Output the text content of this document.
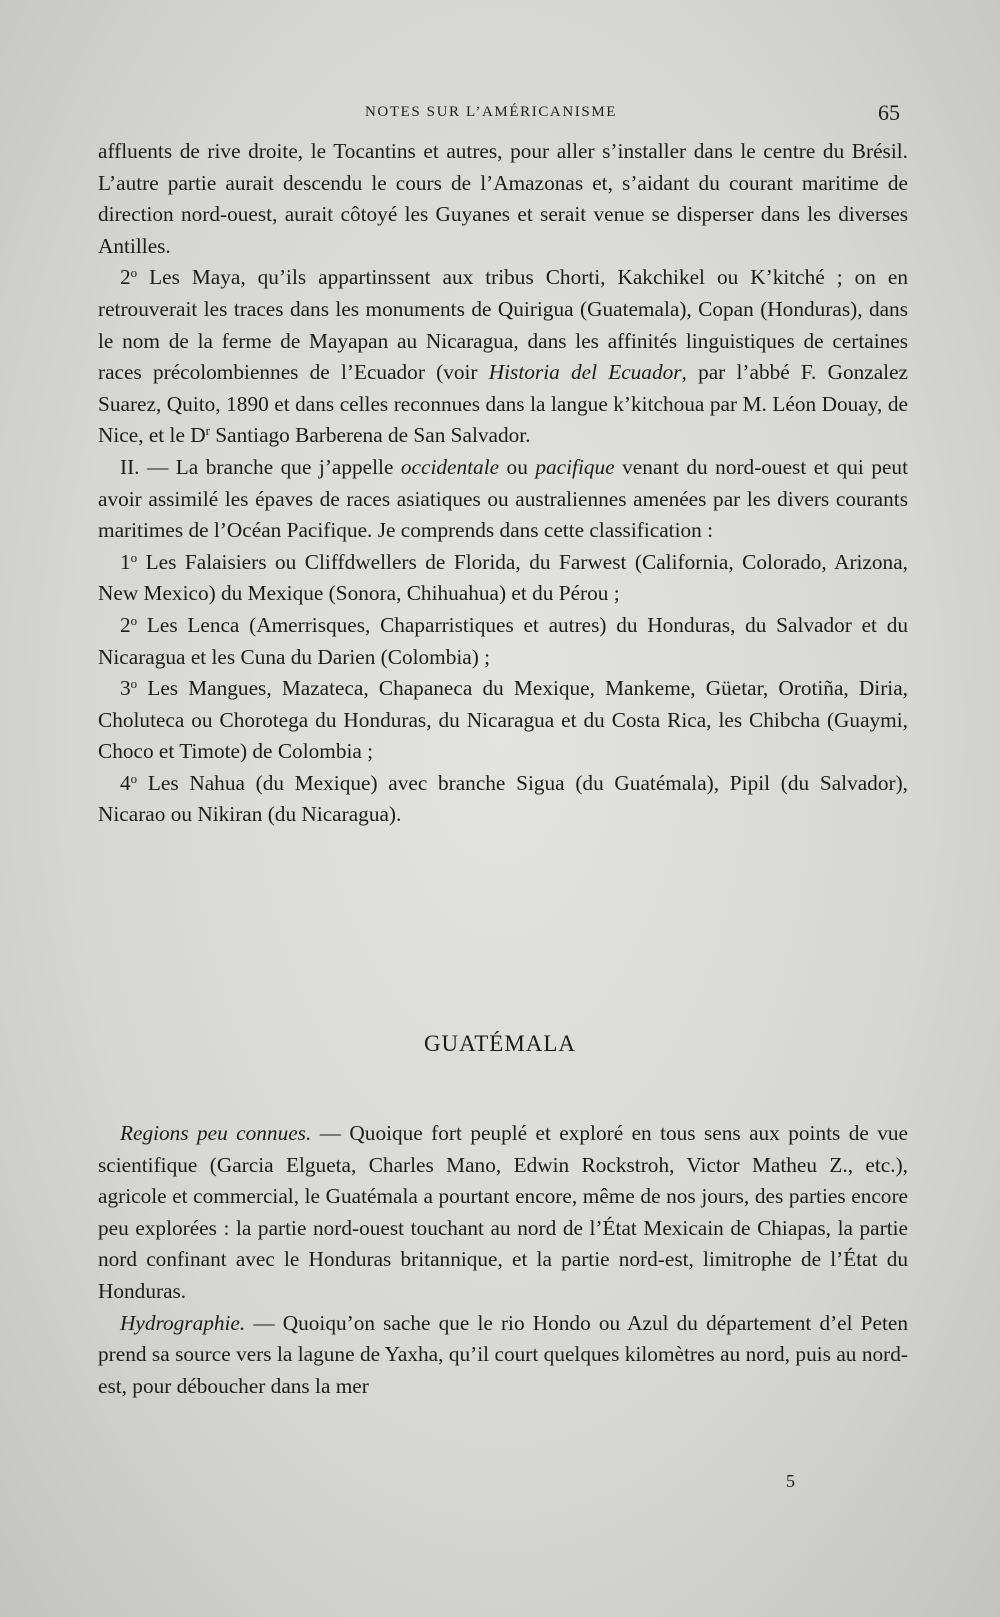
NOTES SUR L’AMÉRICANISME	65

affluents de rive droite, le Tocantins et autres, pour aller s’installer dans le centre du Brésil. L’autre partie aurait descendu le cours de l’Amazonas et, s’aidant du courant maritime de direction nord-ouest, aurait côtoyé les Guyanes et serait venue se disperser dans les diverses Antilles.

2$^o$ Les Maya, qu’ils appartinssent aux tribus Chorti, Kakchikel ou K’kitché ; on en retrouverait les traces dans les monuments de Quirigua (Guatemala), Copan (Honduras), dans le nom de la ferme de Mayapan au Nicaragua, dans les affinités linguistiques de certaines races précolombiennes de l’Ecuador (voir Historia del Ecuador, par l’abbé F. Gonzalez Suarez, Quito, 1890 et dans celles reconnues dans la langue k’kitchoua par M. Léon Douay, de Nice, et le $D^r$ Santiago Barberena de San Salvador.

II. — La branche que j’appelle occidentale ou pacifique venant du nord-ouest et qui peut avoir assimilé les épaves de races asiatiques ou australiennes amenées par les divers courants maritimes de l’Océan Pacifique. Je comprends dans cette classification :

1$^o$ Les Falaisiers ou Cliffdwellers de Florida, du Farwest (California, Colorado, Arizona, New Mexico) du Mexique (Sonora, Chihuahua) et du Pérou ;

2$^o$ Les Lenca (Amerrisques, Chaparristiques et autres) du Honduras, du Salvador et du Nicaragua et les Cuna du Darien (Colombia) ;

3$^o$ Les Mangues, Mazateca, Chapaneca du Mexique, Mankeme, Güetar, Orotiña, Diria, Choluteca ou Chorotega du Honduras, du Nicaragua et du Costa Rica, les Chibcha (Guaymi, Choco et Timote) de Colombia ;

4$^o$ Les Nahua (du Mexique) avec branche Sigua (du Guatémala), Pipil (du Salvador), Nicarao ou Nikiran (du Nicaragua).

GUATÉMALA

Regions peu connues. — Quoique fort peuplé et exploré en tous sens aux points de vue scientifique (Garcia Elgueta, Charles Mano, Edwin Rockstroh, Victor Matheu Z., etc.), agricole et commercial, le Guatémala a pourtant encore, même de nos jours, des parties encore peu explorées : la partie nord-ouest touchant au nord de l’État Mexicain de Chiapas, la partie nord confinant avec le Honduras britannique, et la partie nord-est, limitrophe de l’État du Honduras.

Hydrographie. — Quoiqu’on sache que le rio Hondo ou Azul du département d’el Peten prend sa source vers la lagune de Yaxha, qu’il court quelques kilomètres au nord, puis au nord-est, pour déboucher dans la mer

5
